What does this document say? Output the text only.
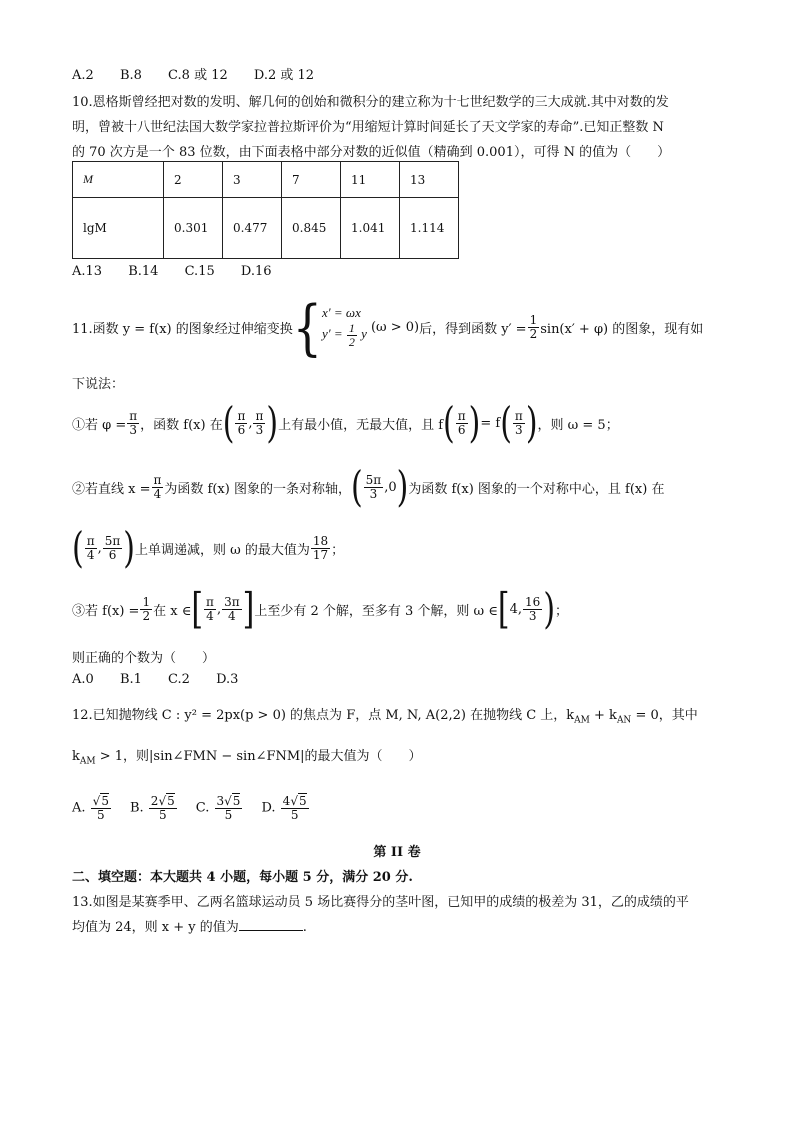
A.2 B.8 C.8 或 12 D.2 或 12
10.恩格斯曾经把对数的发明、解几何的创始和微积分的建立称为十七世纪数学的三大成就.其中对数的发
明，曾被十八世纪法国大数学家拉普拉斯评价为“用缩短计算时间延长了天文学家的寿命”.已知正整数 N
的 70 次方是一个 83 位数，由下面表格中部分对数的近似值（精确到 0.001），可得 N 的值为（　　）
M	2	3	7	11	13
lgM	0.301	0.477	0.845	1.041	1.114
A.13 B.14 C.15 D.16
11.函数 y = f(x) 的图象经过伸缩变换 { x′ = ωx
$y' = \frac{1}{2}$ y (ω > 0) 后，得到函数 $y' = \frac{1}{2} \sin(x' + \varphi)$ 的图象，现有如
下说法：
①若 $\varphi = \frac{\pi}{3}$ ，函数 f(x) 在 ( $\frac{\pi}{6}$ , $\frac{\pi}{3}$ ) 上有最小值，无最大值，且 f ( $\frac{\pi}{6}$ ) = f ( $\frac{\pi}{3}$ ) ，则 ω = 5；
②若直线 $x = \frac{\pi}{4}$ 为函数 f(x) 图象的一条对称轴， ( $\frac{5\pi}{3}$ , 0 ) 为函数 f(x) 图象的一个对称中心，且 f(x) 在
( $\frac{\pi}{4}$ , $\frac{5\pi}{6}$ ) 上单调递减，则 ω 的最大值为 $\frac{18}{17}$ ；
③若 $f(x) = \frac{1}{2}$ 在 x ∈ [ $\frac{\pi}{4}$ , $\frac{3\pi}{4}$ ] 上至少有 2 个解，至多有 3 个解，则 ω ∈ [ 4 , $\frac{16}{3}$ ) ；
则正确的个数为（　　）
A.0 B.1 C.2 D.3
12.已知抛物线 C : y² = 2px(p > 0) 的焦点为 F，点 M, N, A(2,2) 在抛物线 C 上，$k_{AM} + k_{AN} = 0$，其中
$k_{AM} > 1$，则|sin∠FMN − sin∠FNM|的最大值为（　　）
A. $\frac{√5}{5} B$. $\frac{2√5}{5} C$. $\frac{3√5}{5} D$. $\frac{4√5}{5}$
第 II 卷
二、填空题：本大题共 4 小题，每小题 5 分，满分 20 分.
13.如图是某赛季甲、乙两名篮球运动员 5 场比赛得分的茎叶图，已知甲的成绩的极差为 31，乙的成绩的平
均值为 24，则 x + y 的值为	.
